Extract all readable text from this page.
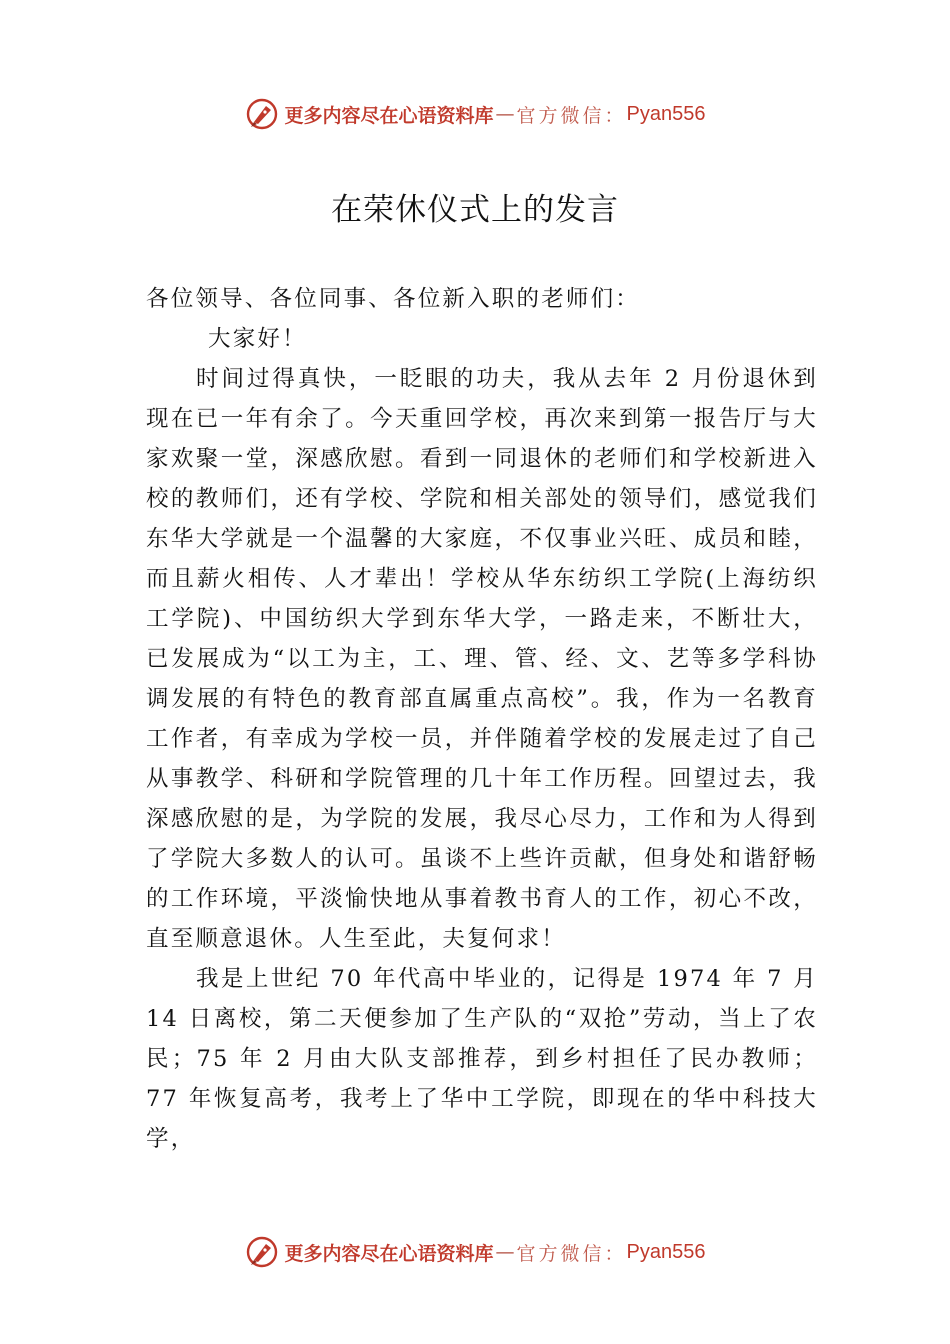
更多内容尽在心语资料库 — 官方微信： Pyan556
在荣休仪式上的发言

各位领导、各位同事、各位新入职的老师们：

大家好！

时间过得真快，一眨眼的功夫，我从去年 2 月份退休到现在已一年有余了。今天重回学校，再次来到第一报告厅与大家欢聚一堂，深感欣慰。看到一同退休的老师们和学校新进入校的教师们，还有学校、学院和相关部处的领导们，感觉我们东华大学就是一个温馨的大家庭，不仅事业兴旺、成员和睦，而且薪火相传、人才辈出！学校从华东纺织工学院(上海纺织工学院)、中国纺织大学到东华大学，一路走来，不断壮大，已发展成为“以工为主，工、理、管、经、文、艺等多学科协调发展的有特色的教育部直属重点高校”。我，作为一名教育工作者，有幸成为学校一员，并伴随着学校的发展走过了自己从事教学、科研和学院管理的几十年工作历程。回望过去，我深感欣慰的是，为学院的发展，我尽心尽力，工作和为人得到了学院大多数人的认可。虽谈不上些许贡献，但身处和谐舒畅的工作环境，平淡愉快地从事着教书育人的工作，初心不改，直至顺意退休。人生至此，夫复何求！

我是上世纪 70 年代高中毕业的，记得是 1974 年 7 月 14 日离校，第二天便参加了生产队的“双抢”劳动，当上了农民；75 年 2 月由大队支部推荐，到乡村担任了民办教师；77 年恢复高考，我考上了华中工学院，即现在的华中科技大学，

更多内容尽在心语资料库 — 官方微信： Pyan556
